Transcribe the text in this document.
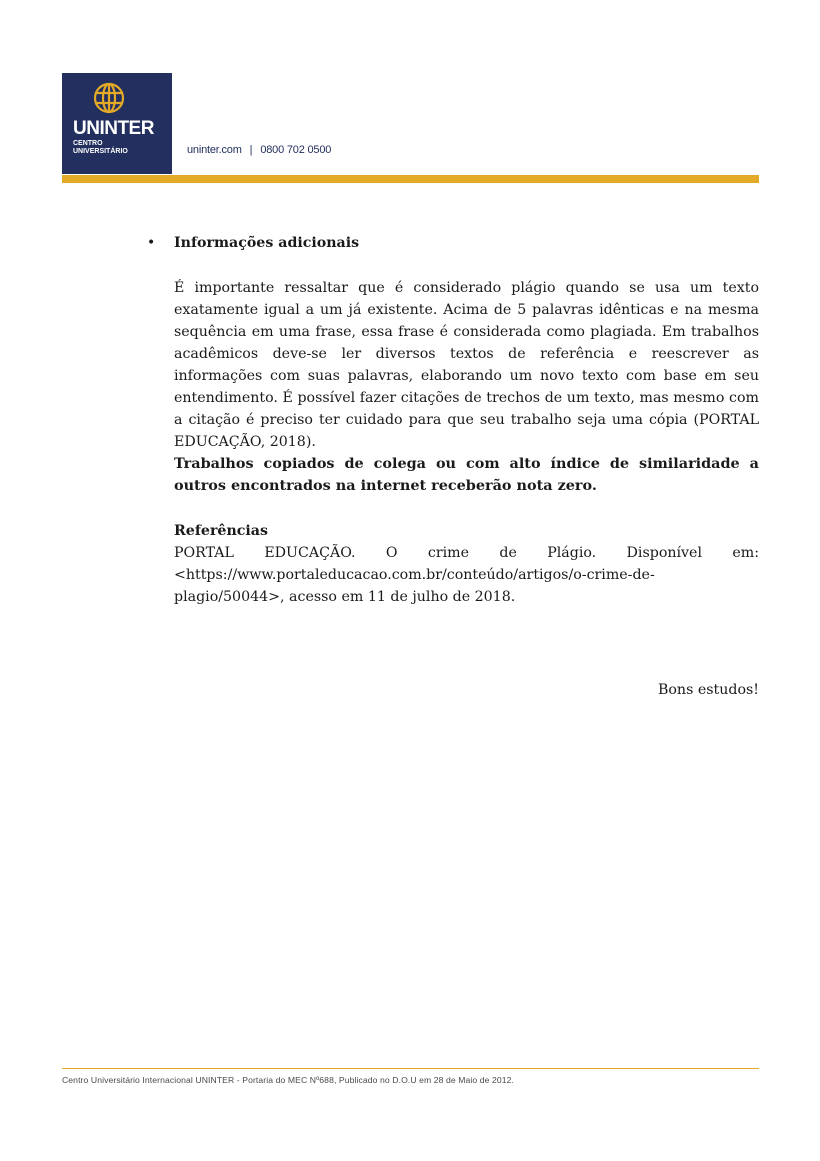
UNINTER
CENTRO
UNIVERSITÁRIO	uninter.com | 0800 702 0500
• Informações adicionais

É importante ressaltar que é considerado plágio quando se usa um texto exatamente igual a um já existente. Acima de 5 palavras idênticas e na mesma sequência em uma frase, essa frase é considerada como plagiada. Em trabalhos acadêmicos deve-se ler diversos textos de referência e reescrever as informações com suas palavras, elaborando um novo texto com base em seu entendimento. É possível fazer citações de trechos de um texto, mas mesmo com a citação é preciso ter cuidado para que seu trabalho seja uma cópia (PORTAL EDUCAÇÃO, 2018).

Trabalhos copiados de colega ou com alto índice de similaridade a outros encontrados na internet receberão nota zero.

Referências

PORTAL EDUCAÇÃO. O crime de Plágio. Disponível em:
<https://www.portaleducacao.com.br/conteúdo/artigos/o-crime-de-
plagio/50044>, acesso em 11 de julho de 2018.

Bons estudos!

Centro Universitário Internacional UNINTER - Portaria do MEC Nº688, Publicado no D.O.U em 28 de Maio de 2012.
